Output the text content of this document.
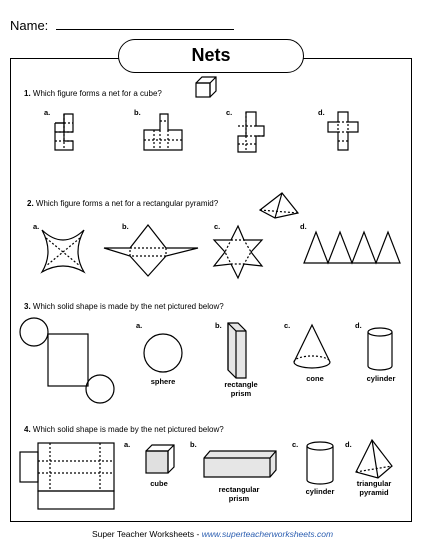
Name:
Nets
1. Which figure forms a net for a cube?
2. Which figure forms a net for a rectangular pyramid?
3. Which solid shape is made by the net pictured below?
4. Which solid shape is made by the net pictured below?
a.	b.	c.	d.
a.	b.	c.	d.
a.	b.	c.	d.
a.	b.	c.	d.
sphere	rectangle prism
cone	cylinder
cube
rectangular prism
cylinder
triangular pyramid
Super Teacher Worksheets - www.superteacherworksheets.com
